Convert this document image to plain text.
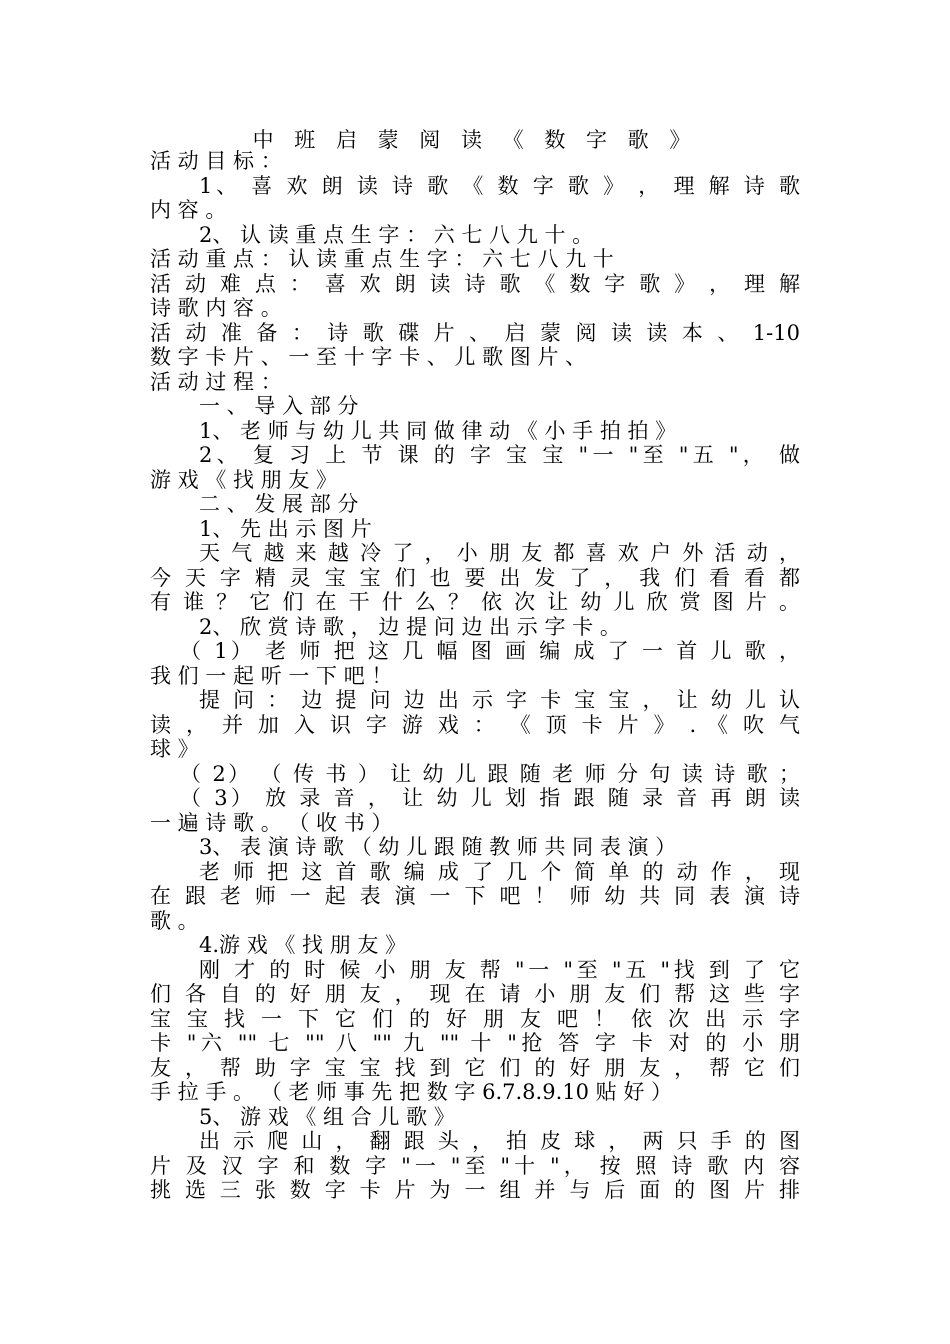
中 班 启 蒙 阅 读 《 数 字 歌 》
活 动 目 标 ：
1、 喜 欢 朗 读 诗 歌 《 数 字 歌 》 ， 理 解 诗 歌
内 容 。
2、 认 读 重 点 生 字 ： 六 七 八 九 十 。
活 动 重 点 ： 认 读 重 点 生 字 ： 六 七 八 九 十
活 动 难 点 ： 喜 欢 朗 读 诗 歌 《 数 字 歌 》 ， 理 解
诗 歌 内 容 。
活 动 准 备 ： 诗 歌 碟 片 、 启 蒙 阅 读 读 本 、 1-10
数 字 卡 片 、 一 至 十 字 卡 、 儿 歌 图 片 、
活 动 过 程 ：
一 、 导 入 部 分
1、 老 师 与 幼 儿 共 同 做 律 动 《 小 手 拍 拍 》
2、 复 习 上 节 课 的 字 宝 宝 "一 "至 "五 "， 做
游 戏 《 找 朋 友 》
二 、 发 展 部 分
1、 先 出 示 图 片
天 气 越 来 越 冷 了 ， 小 朋 友 都 喜 欢 户 外 活 动 ，
今 天 字 精 灵 宝 宝 们 也 要 出 发 了 ， 我 们 看 看 都
有 谁 ？ 它 们 在 干 什 么 ？ 依 次 让 幼 儿 欣 赏 图 片 。
2、 欣 赏 诗 歌 ， 边 提 问 边 出 示 字 卡 。
（ 1） 老 师 把 这 几 幅 图 画 编 成 了 一 首 儿 歌 ，
我 们 一 起 听 一 下 吧 ！
提 问 ： 边 提 问 边 出 示 字 卡 宝 宝 ， 让 幼 儿 认
读 ， 并 加 入 识 字 游 戏 ： 《 顶 卡 片 》 . 《 吹 气
球 》
（ 2） （ 传 书 ） 让 幼 儿 跟 随 老 师 分 句 读 诗 歌 ；
（ 3） 放 录 音 ， 让 幼 儿 划 指 跟 随 录 音 再 朗 读
一 遍 诗 歌 。 （ 收 书 ）
3、 表 演 诗 歌 （ 幼 儿 跟 随 教 师 共 同 表 演 ）
老 师 把 这 首 歌 编 成 了 几 个 简 单 的 动 作 ， 现
在 跟 老 师 一 起 表 演 一 下 吧 ！ 师 幼 共 同 表 演 诗
歌 。
4.游 戏 《 找 朋 友 》
刚 才 的 时 候 小 朋 友 帮 "一 "至 "五 "找 到 了 它
们 各 自 的 好 朋 友 ， 现 在 请 小 朋 友 们 帮 这 些 字
宝 宝 找 一 下 它 们 的 好 朋 友 吧 ！ 依 次 出 示 字
卡 "六 "" 七 "" 八 "" 九 "" 十 "抢 答 字 卡 对 的 小 朋
友 ， 帮 助 字 宝 宝 找 到 它 们 的 好 朋 友 ， 帮 它 们
手 拉 手 。 （ 老 师 事 先 把 数 字 6.7.8.9.10 贴 好 ）
5、 游 戏 《 组 合 儿 歌 》
出 示 爬 山 ， 翻 跟 头 ， 拍 皮 球 ， 两 只 手 的 图
片 及 汉 字 和 数 字 "一 "至 "十 "， 按 照 诗 歌 内 容
挑 选 三 张 数 字 卡 片 为 一 组 并 与 后 面 的 图 片 排
